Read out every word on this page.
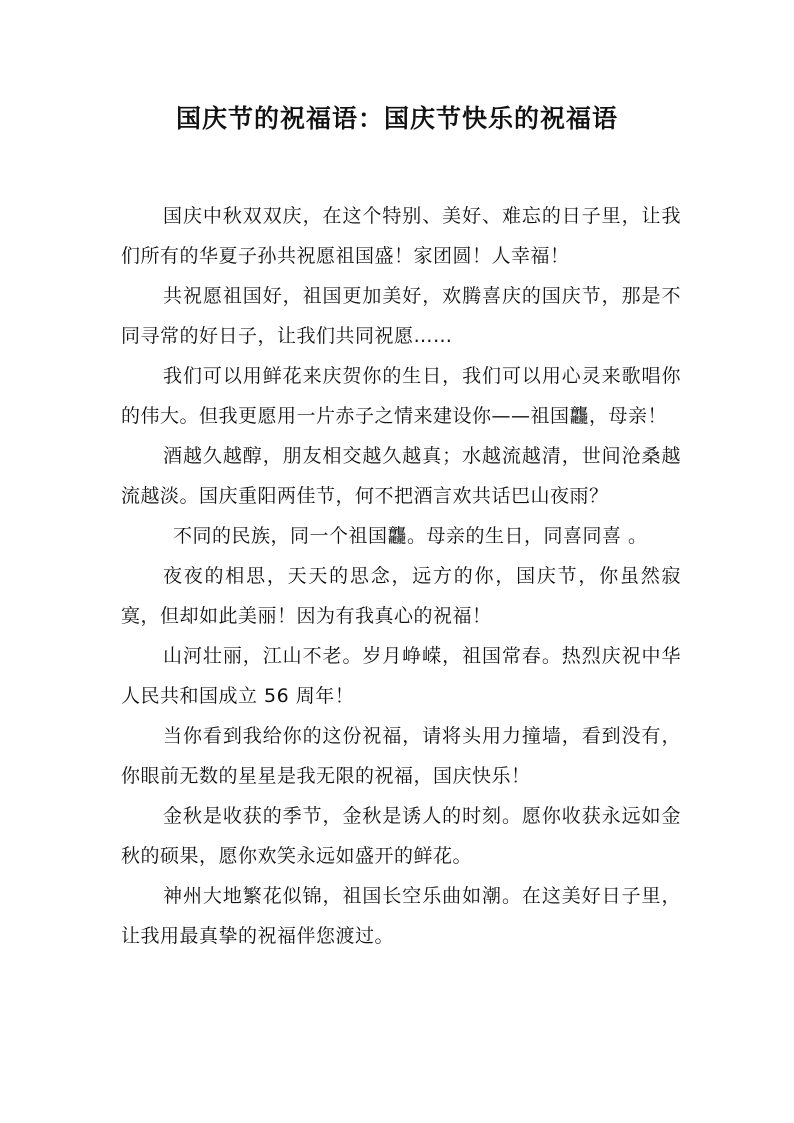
国庆节的祝福语：国庆节快乐的祝福语

国庆中秋双双庆，在这个特别、美好、难忘的日子里，让我们所有的华夏子孙共祝愿祖国盛！家团圆！人幸福！

共祝愿祖国好，祖国更加美好，欢腾喜庆的国庆节，那是不同寻常的好日子，让我们共同祝愿……

我们可以用鲜花来庆贺你的生日，我们可以用心灵来歌唱你的伟大。但我更愿用一片赤子之情来建设你——祖国龘，母亲！

酒越久越醇，朋友相交越久越真；水越流越清，世间沧桑越流越淡。国庆重阳两佳节，何不把酒言欢共话巴山夜雨？

不同的民族，同一个祖国龘。母亲的生日，同喜同喜 。

夜夜的相思，天天的思念，远方的你，国庆节，你虽然寂寞，但却如此美丽！因为有我真心的祝福！

山河壮丽，江山不老。岁月峥嵘，祖国常春。热烈庆祝中华人民共和国成立 56 周年！

当你看到我给你的这份祝福，请将头用力撞墙，看到没有，你眼前无数的星星是我无限的祝福，国庆快乐！

金秋是收获的季节，金秋是诱人的时刻。愿你收获永远如金秋的硕果，愿你欢笑永远如盛开的鲜花。

神州大地繁花似锦，祖国长空乐曲如潮。在这美好日子里，让我用最真挚的祝福伴您渡过。
